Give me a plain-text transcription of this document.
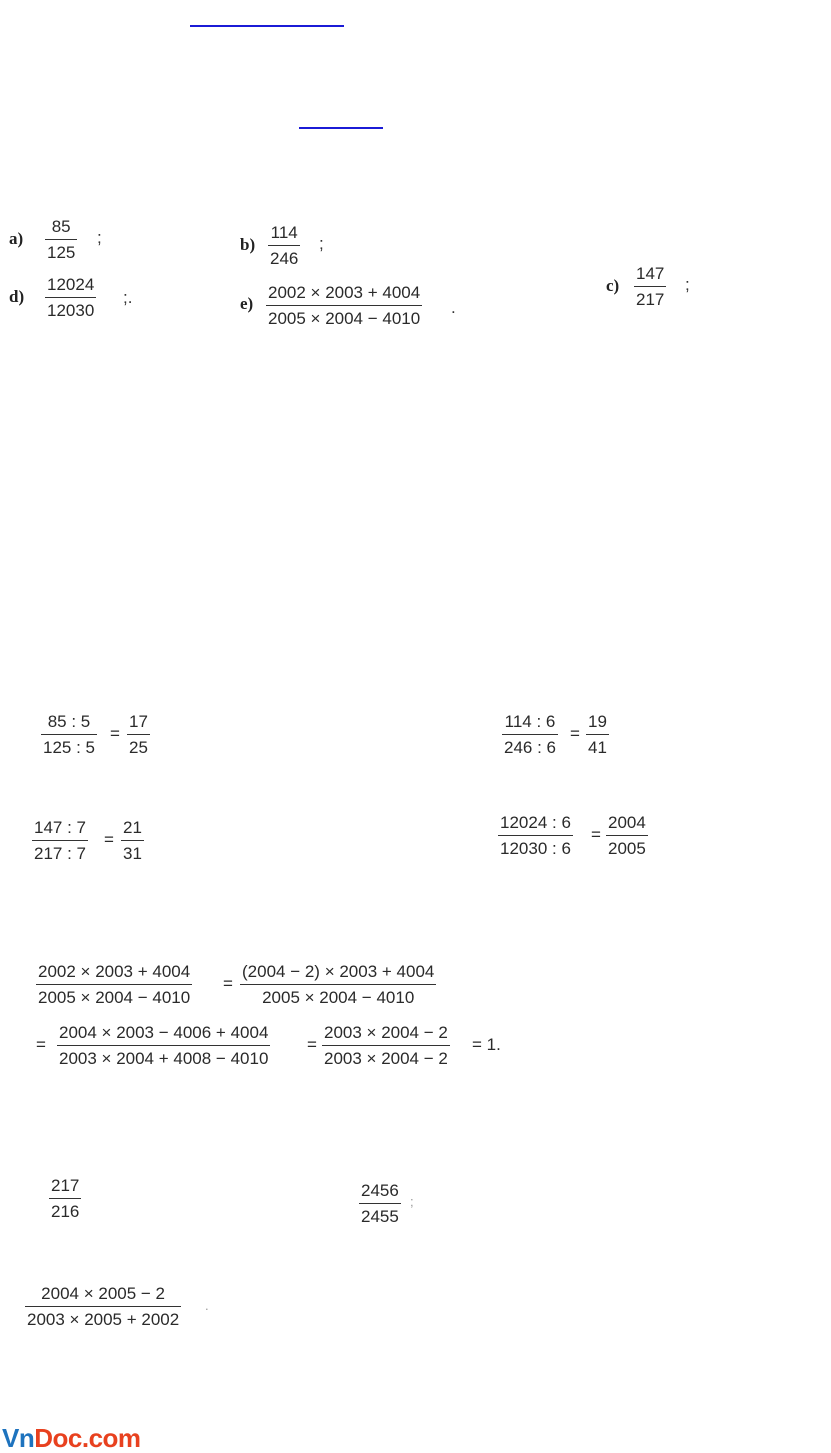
a)
85
125
;	b)
114
246
;
d)
12024
12030
;.	e)
2002 × 2003 + 4004
2005 × 2004 − 4010
.
c)
147
217
;
85 : 5
125 : 5
=
17
25
114 : 6
246 : 6
=
19
41
147 : 7
217 : 7
=
21
31
12024 : 6
12030 : 6
=
2004
2005
2002 × 2003 + 4004
2005 × 2004 − 4010
=
(2004 − 2) × 2003 + 4004
2005 × 2004 − 4010
=
2004 × 2003 − 4006 + 4004
2003 × 2004 + 4008 − 4010
=
2003 × 2004 − 2
2003 × 2004 − 2
= 1.
217
216
2456
2455
;
2004 × 2005 − 2
2003 × 2005 + 2002
.
VnDoc.com
